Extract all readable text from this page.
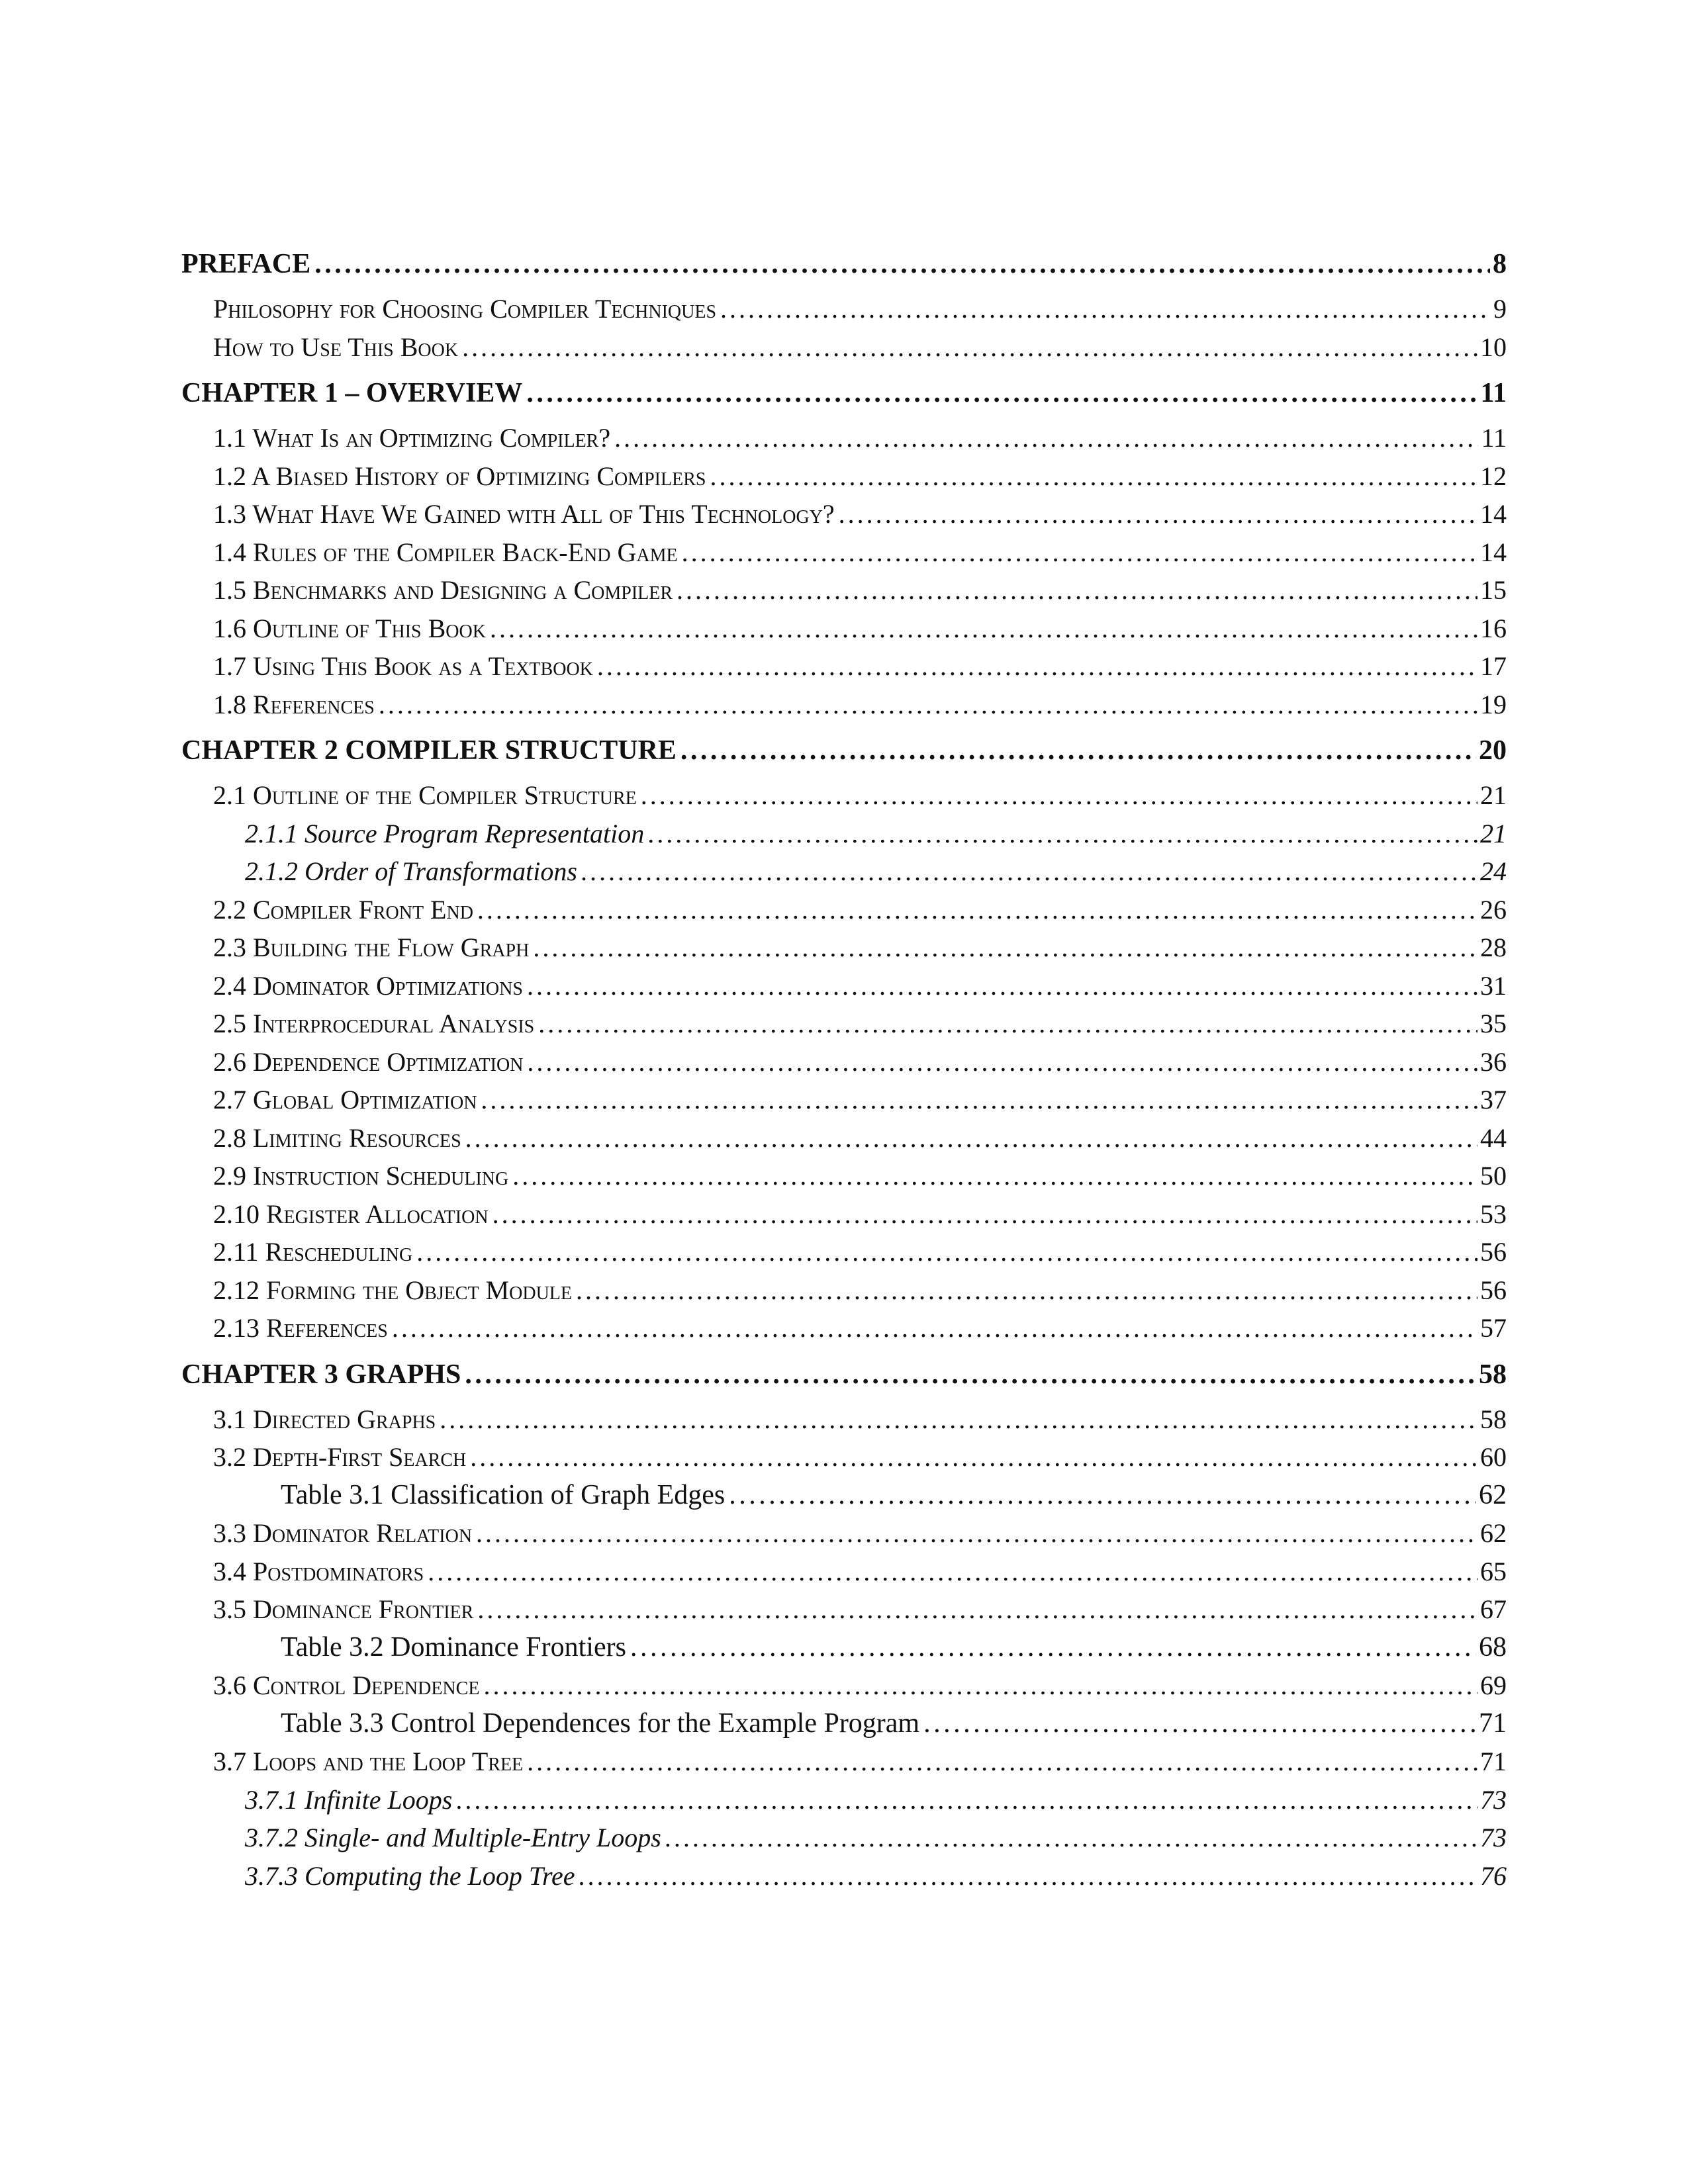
PREFACE . . .	8
Philosophy for Choosing Compiler Techniques . . .	9
How to Use This Book . . .	10
CHAPTER 1 – OVERVIEW . . .	11
1.1 What Is an Optimizing Compiler? . . .	11
1.2 A Biased History of Optimizing Compilers . . .	12
1.3 What Have We Gained with All of This Technology? . . .	14
1.4 Rules of the Compiler Back-End Game . . .	14
1.5 Benchmarks and Designing a Compiler . . .	15
1.6 Outline of This Book . . .	16
1.7 Using This Book as a Textbook . . .	17
1.8 References . . .	19
CHAPTER 2 COMPILER STRUCTURE . . .	20
2.1 Outline of the Compiler Structure . . .	21
2.1.1 Source Program Representation . . .	21
2.1.2 Order of Transformations . . .	24
2.2 Compiler Front End . . .	26
2.3 Building the Flow Graph . . .	28
2.4 Dominator Optimizations . . .	31
2.5 Interprocedural Analysis . . .	35
2.6 Dependence Optimization . . .	36
2.7 Global Optimization . . .	37
2.8 Limiting Resources . . .	44
2.9 Instruction Scheduling . . .	50
2.10 Register Allocation . . .	53
2.11 Rescheduling . . .	56
2.12 Forming the Object Module . . .	56
2.13 References . . .	57
CHAPTER 3 GRAPHS . . .	58
3.1 Directed Graphs . . .	58
3.2 Depth-First Search . . .	60
Table 3.1 Classification of Graph Edges . . .	62
3.3 Dominator Relation . . .	62
3.4 Postdominators . . .	65
3.5 Dominance Frontier . . .	67
Table 3.2 Dominance Frontiers . . .	68
3.6 Control Dependence . . .	69
Table 3.3 Control Dependences for the Example Program . . .	71
3.7 Loops and the Loop Tree . . .	71
3.7.1 Infinite Loops . . .	73
3.7.2 Single- and Multiple-Entry Loops . . .	73
3.7.3 Computing the Loop Tree . . .	76
